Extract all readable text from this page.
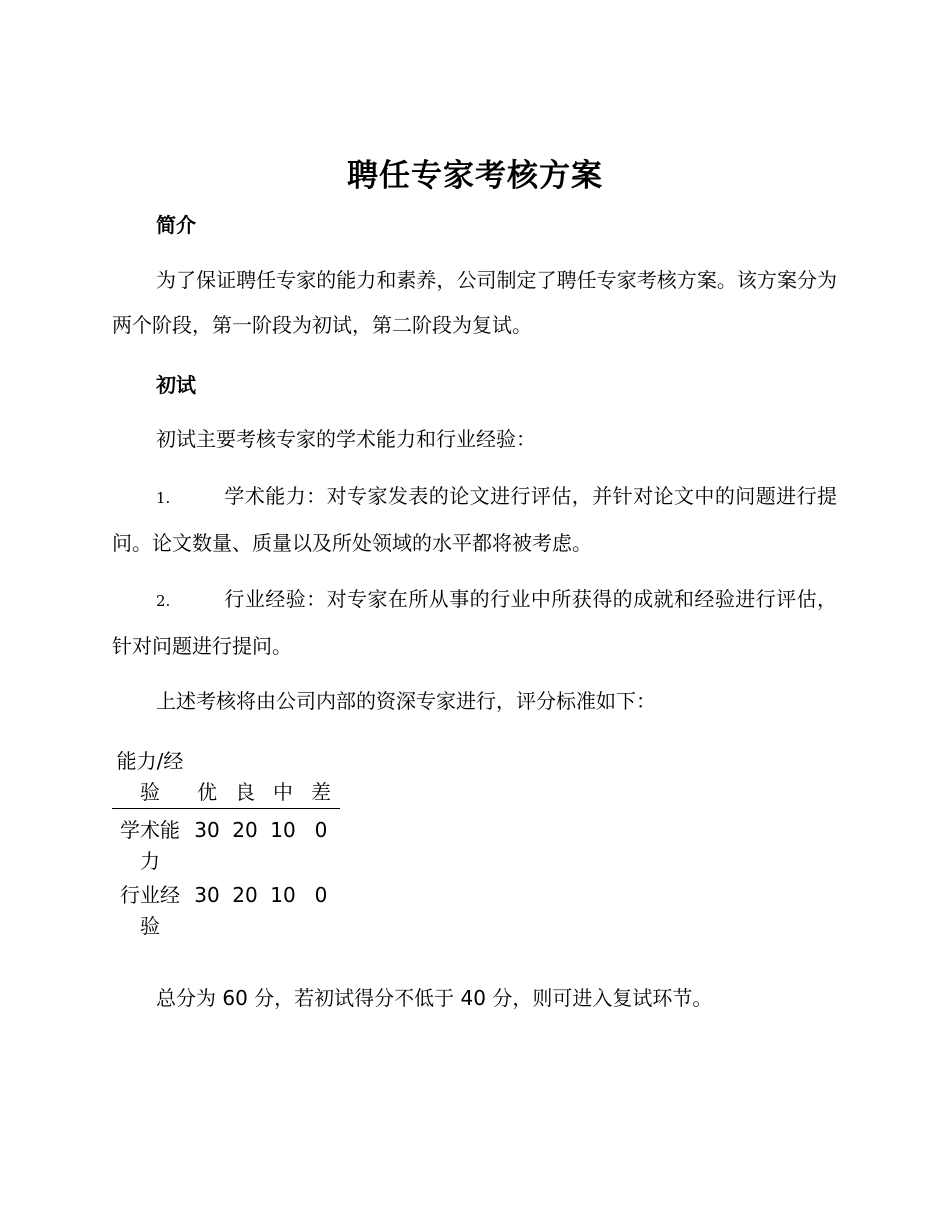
聘任专家考核方案
简介

为了保证聘任专家的能力和素养，公司制定了聘任专家考核方案。该方案分为两个阶段，第一阶段为初试，第二阶段为复试。

初试
初试主要考核专家的学术能力和行业经验：

1.	学术能力：对专家发表的论文进行评估，并针对论文中的问题进行提问。论文数量、质量以及所处领域的水平都将被考虑。

2.	行业经验：对专家在所从事的行业中所获得的成就和经验进行评估，针对问题进行提问。

上述考核将由公司内部的资深专家进行，评分标准如下：
能力/经验	优	良	中	差
学术能力	30	20	10	0
行业经验	30	20	10	0
总分为 60 分，若初试得分不低于 40 分，则可进入复试环节。
